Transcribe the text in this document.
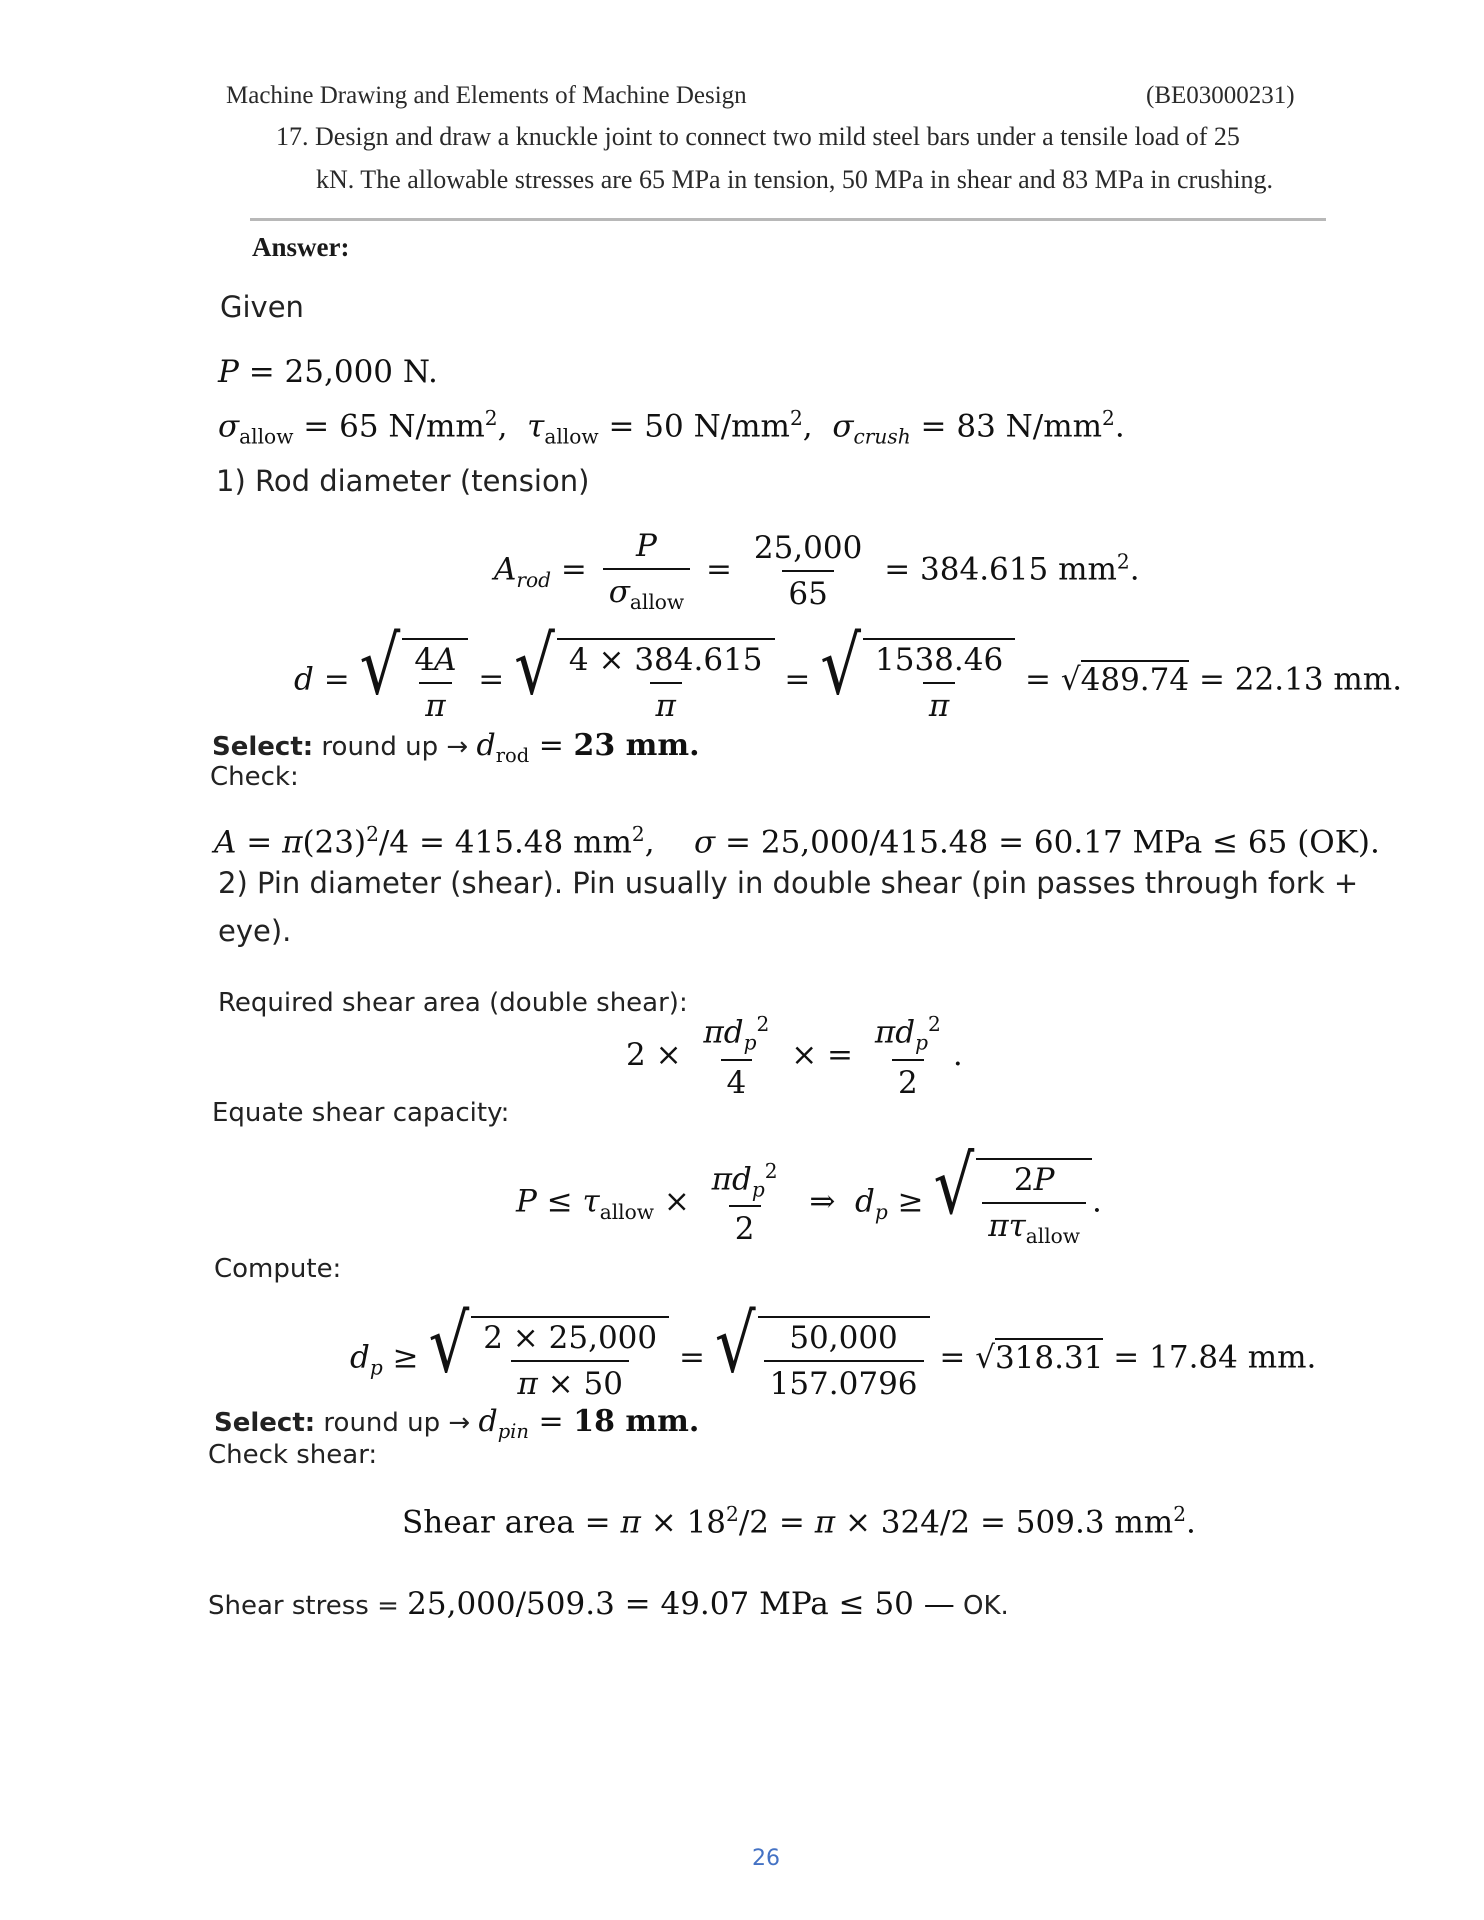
Machine Drawing and Elements of Machine Design	(BE03000231)
17. Design and draw a knuckle joint to connect two mild steel bars under a tensile load of 25
kN. The allowable stresses are 65 MPa in tension, 50 MPa in shear and 83 MPa in crushing.
Answer:
Given
P = 25,000 N.
$\sigma_{allow} = 65$ $N/mm^2$,  $\tau_{allow} = 50$ $N/mm^2$,  $\sigma_{crush} = 83$ $N/mm^2$.
1) Rod diameter (tension)
$A_{rod} = \frac{P}{\sigma_{allow}} = \frac{25,000}{65} = 384.615$ $mm^2$.
d = √ $\frac{4A}{\pi}$ = √ $\frac{4 \times 384.615}{\pi}$ = √ $\frac{1538.46}{\pi} = √489.74 = 22.13$ mm.
Select: round up → $d_{rod} = 23$ mm.
Check:
$A = \pi(23)^2/4 = 415.48$ $mm^2$,    σ = 25,000/415.48 = 60.17 MPa ≤ 65 (OK).
2) Pin diameter (shear). Pin usually in double shear (pin passes through fork +
eye).
Required shear area (double shear):
$2 \times \frac{\pi d_p^2}{4}$ × = $\frac{\pi d_p^2}{2}$ .
Equate shear capacity:
$P \le \tau_{allow} \times \frac{\pi d_p^2}{2}$ ⇒  $d_p$ ≥ √ $\frac{2P}{\pi\tau_{allow}}$ .
Compute:
$d_p$ ≥ √ $\frac{2 \times 25,000}{\pi \times 50}$ = √ $\frac{50,000}{157.0796} = √318.31 = 17.84$ mm.
Select: round up → $d_{pin} = 18$ mm.
Check shear:
Shear area = $\pi \times 18^2/2 = \pi \times 324/2 = 509.3$ $mm^2$.
Shear stress = 25,000/509.3 = 49.07 MPa ≤ 50 — OK.
26
